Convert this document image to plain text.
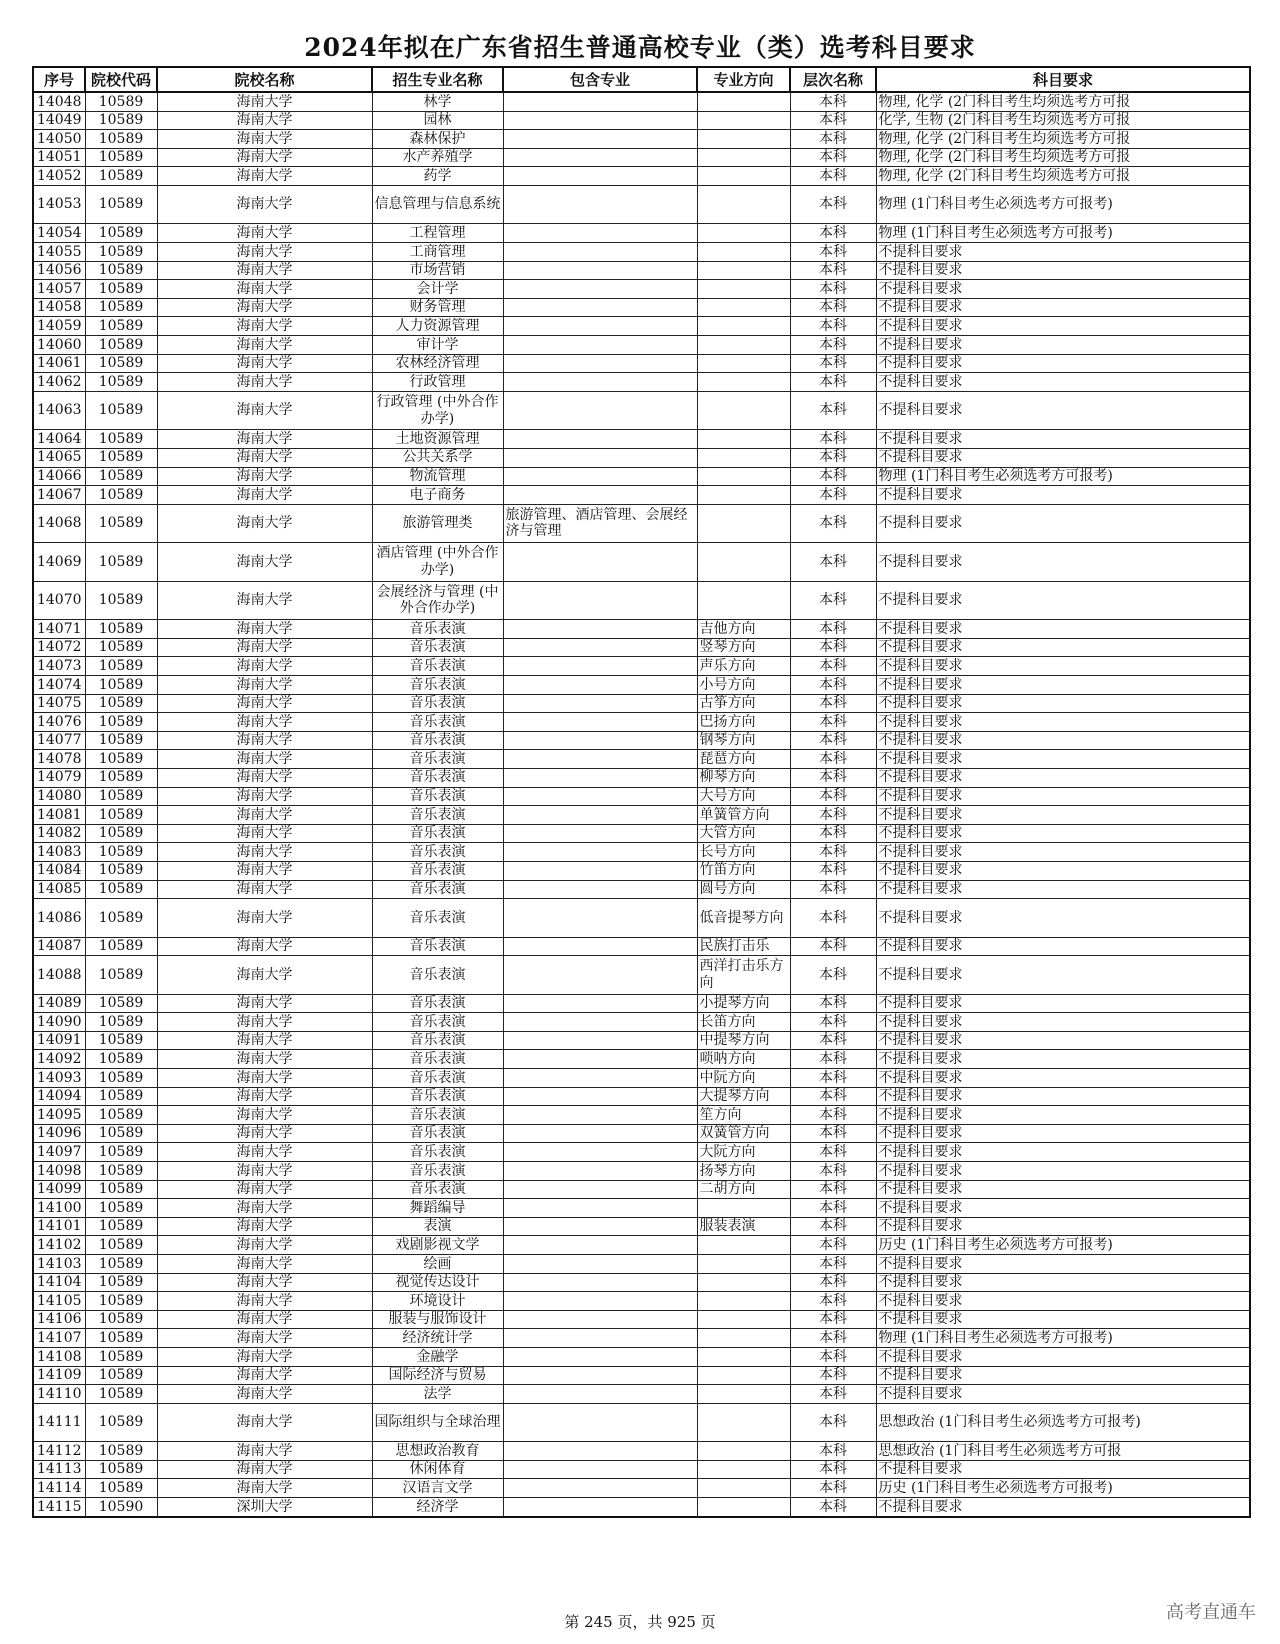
2024年拟在广东省招生普通高校专业（类）选考科目要求
序号	院校代码	院校名称	招生专业名称	包含专业	专业方向	层次名称	科目要求
14048	10589	海南大学	林学			本科	物理, 化学 (2门科目考生均须选考方可报
14049	10589	海南大学	园林			本科	化学, 生物 (2门科目考生均须选考方可报
14050	10589	海南大学	森林保护			本科	物理, 化学 (2门科目考生均须选考方可报
14051	10589	海南大学	水产养殖学			本科	物理, 化学 (2门科目考生均须选考方可报
14052	10589	海南大学	药学			本科	物理, 化学 (2门科目考生均须选考方可报
14053	10589	海南大学	信息管理与信息系统			本科	物理 (1门科目考生必须选考方可报考)
14054	10589	海南大学	工程管理			本科	物理 (1门科目考生必须选考方可报考)
14055	10589	海南大学	工商管理			本科	不提科目要求
14056	10589	海南大学	市场营销			本科	不提科目要求
14057	10589	海南大学	会计学			本科	不提科目要求
14058	10589	海南大学	财务管理			本科	不提科目要求
14059	10589	海南大学	人力资源管理			本科	不提科目要求
14060	10589	海南大学	审计学			本科	不提科目要求
14061	10589	海南大学	农林经济管理			本科	不提科目要求
14062	10589	海南大学	行政管理			本科	不提科目要求
14063	10589	海南大学	行政管理 (中外合作办学)			本科	不提科目要求
14064	10589	海南大学	土地资源管理			本科	不提科目要求
14065	10589	海南大学	公共关系学			本科	不提科目要求
14066	10589	海南大学	物流管理			本科	物理 (1门科目考生必须选考方可报考)
14067	10589	海南大学	电子商务			本科	不提科目要求
14068	10589	海南大学	旅游管理类	旅游管理、酒店管理、会展经济与管理		本科	不提科目要求
14069	10589	海南大学	酒店管理 (中外合作办学)			本科	不提科目要求
14070	10589	海南大学	会展经济与管理 (中外合作办学)			本科	不提科目要求
14071	10589	海南大学	音乐表演		吉他方向	本科	不提科目要求
14072	10589	海南大学	音乐表演		竖琴方向	本科	不提科目要求
14073	10589	海南大学	音乐表演		声乐方向	本科	不提科目要求
14074	10589	海南大学	音乐表演		小号方向	本科	不提科目要求
14075	10589	海南大学	音乐表演		古筝方向	本科	不提科目要求
14076	10589	海南大学	音乐表演		巴扬方向	本科	不提科目要求
14077	10589	海南大学	音乐表演		钢琴方向	本科	不提科目要求
14078	10589	海南大学	音乐表演		琵琶方向	本科	不提科目要求
14079	10589	海南大学	音乐表演		柳琴方向	本科	不提科目要求
14080	10589	海南大学	音乐表演		大号方向	本科	不提科目要求
14081	10589	海南大学	音乐表演		单簧管方向	本科	不提科目要求
14082	10589	海南大学	音乐表演		大管方向	本科	不提科目要求
14083	10589	海南大学	音乐表演		长号方向	本科	不提科目要求
14084	10589	海南大学	音乐表演		竹笛方向	本科	不提科目要求
14085	10589	海南大学	音乐表演		圆号方向	本科	不提科目要求
14086	10589	海南大学	音乐表演		低音提琴方向	本科	不提科目要求
14087	10589	海南大学	音乐表演		民族打击乐	本科	不提科目要求
14088	10589	海南大学	音乐表演		西洋打击乐方向	本科	不提科目要求
14089	10589	海南大学	音乐表演		小提琴方向	本科	不提科目要求
14090	10589	海南大学	音乐表演		长笛方向	本科	不提科目要求
14091	10589	海南大学	音乐表演		中提琴方向	本科	不提科目要求
14092	10589	海南大学	音乐表演		唢呐方向	本科	不提科目要求
14093	10589	海南大学	音乐表演		中阮方向	本科	不提科目要求
14094	10589	海南大学	音乐表演		大提琴方向	本科	不提科目要求
14095	10589	海南大学	音乐表演		笙方向	本科	不提科目要求
14096	10589	海南大学	音乐表演		双簧管方向	本科	不提科目要求
14097	10589	海南大学	音乐表演		大阮方向	本科	不提科目要求
14098	10589	海南大学	音乐表演		扬琴方向	本科	不提科目要求
14099	10589	海南大学	音乐表演		二胡方向	本科	不提科目要求
14100	10589	海南大学	舞蹈编导			本科	不提科目要求
14101	10589	海南大学	表演		服装表演	本科	不提科目要求
14102	10589	海南大学	戏剧影视文学			本科	历史 (1门科目考生必须选考方可报考)
14103	10589	海南大学	绘画			本科	不提科目要求
14104	10589	海南大学	视觉传达设计			本科	不提科目要求
14105	10589	海南大学	环境设计			本科	不提科目要求
14106	10589	海南大学	服装与服饰设计			本科	不提科目要求
14107	10589	海南大学	经济统计学			本科	物理 (1门科目考生必须选考方可报考)
14108	10589	海南大学	金融学			本科	不提科目要求
14109	10589	海南大学	国际经济与贸易			本科	不提科目要求
14110	10589	海南大学	法学			本科	不提科目要求
14111	10589	海南大学	国际组织与全球治理			本科	思想政治 (1门科目考生必须选考方可报考)
14112	10589	海南大学	思想政治教育			本科	思想政治 (1门科目考生必须选考方可报
14113	10589	海南大学	休闲体育			本科	不提科目要求
14114	10589	海南大学	汉语言文学			本科	历史 (1门科目考生必须选考方可报考)
14115	10590	深圳大学	经济学			本科	不提科目要求
第 245 页，共 925 页	高考直通车
